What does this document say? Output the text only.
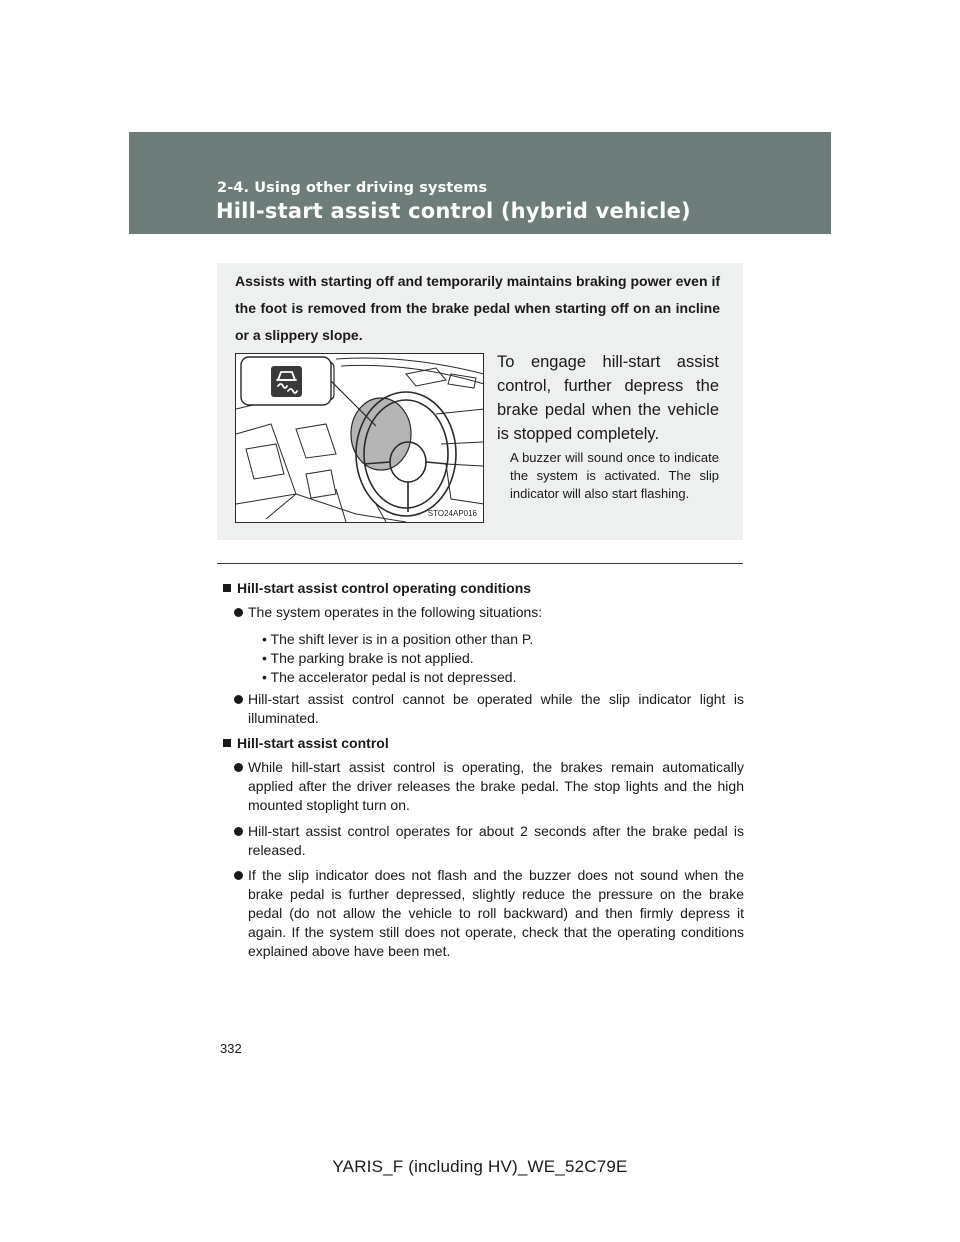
2-4. Using other driving systems
Hill-start assist control (hybrid vehicle)
Assists with starting off and temporarily maintains braking power even if the foot is removed from the brake pedal when starting off on an incline or a slippery slope.
STO24AP016
To engage hill-start assist control, further depress the brake pedal when the vehicle is stopped completely.
A buzzer will sound once to indicate the system is activated. The slip indicator will also start flashing.
Hill-start assist control operating conditions
The system operates in the following situations:
• The shift lever is in a position other than P.
• The parking brake is not applied.
• The accelerator pedal is not depressed.
Hill-start assist control cannot be operated while the slip indicator light is illuminated.
Hill-start assist control
While hill-start assist control is operating, the brakes remain automatically applied after the driver releases the brake pedal. The stop lights and the high mounted stoplight turn on.
Hill-start assist control operates for about 2 seconds after the brake pedal is released.
If the slip indicator does not flash and the buzzer does not sound when the brake pedal is further depressed, slightly reduce the pressure on the brake pedal (do not allow the vehicle to roll backward) and then firmly depress it again. If the system still does not operate, check that the operating conditions explained above have been met.
332
YARIS_F (including HV)_WE_52C79E
